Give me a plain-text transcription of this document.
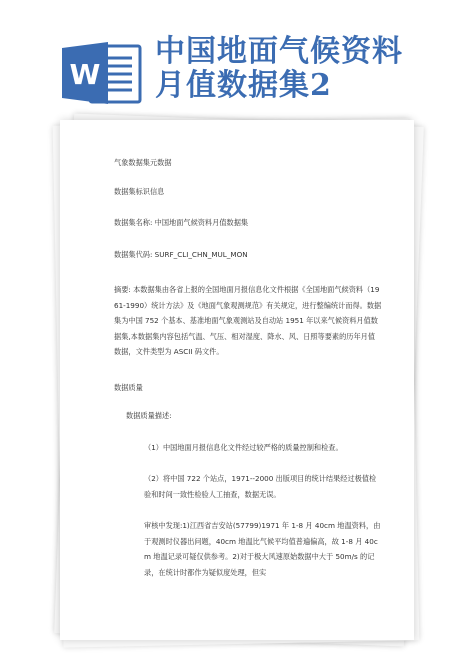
W
中国地面气候资料
月值数据集2

气象数据集元数据

数据集标识信息

数据集名称: 中国地面气候资料月值数据集

数据集代码: SURF_CLI_CHN_MUL_MON

摘要: 本数据集由各省上报的全国地面月报信息化文件根据《全国地面气候资料（1961-1990）统计方法》及《地面气象观测规范》有关规定，进行整编统计而得。数据集为中国 752 个基本、基准地面气象观测站及自动站 1951 年以来气候资料月值数据集,本数据集内容包括气温、气压、相对湿度、降水、风、日照等要素的历年月值数据，文件类型为 ASCII 码文件。

数据质量

数据质量描述:

（1）中国地面月报信息化文件经过较严格的质量控制和检查。

（2）将中国 722 个站点，1971--2000 出版项目的统计结果经过极值检验和时间一致性检验人工抽查，数据无误。

审核中发现:1)江西省吉安站(57799)1971 年 1-8 月 40cm 地温资料，由于观测时仪器出问题，40cm 地温比气候平均值普遍偏高，故 1-8 月 40cm 地温记录可疑仅供参考。2)对于极大风速原始数据中大于 50m/s 的记录，在统计时都作为疑似度处理，但实
